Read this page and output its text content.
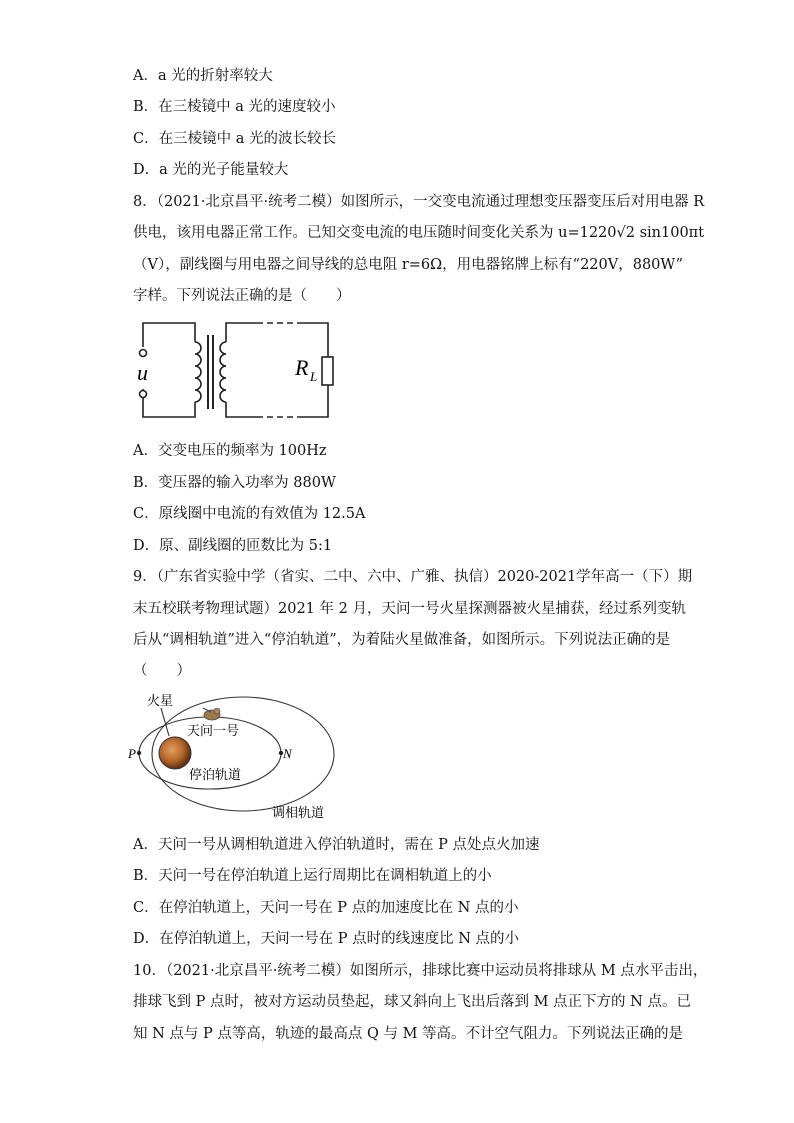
A．a 光的折射率较大
B．在三棱镜中 a 光的速度较小
C．在三棱镜中 a 光的波长较长
D．a 光的光子能量较大
8．（2021·北京昌平·统考二模）如图所示，一交变电流通过理想变压器变压后对用电器 R
供电，该用电器正常工作。已知交变电流的电压随时间变化关系为 u=1220√2 sin100πt
（V），副线圈与用电器之间导线的总电阻 r=6Ω，用电器铭牌上标有“220V，880W”
字样。下列说法正确的是（　　）
u	R L
A．交变电压的频率为 100Hz
B．变压器的输入功率为 880W
C．原线圈中电流的有效值为 12.5A
D．原、副线圈的匝数比为 5:1
9．（广东省实验中学（省实、二中、六中、广雅、执信）2020-2021学年高一（下）期
末五校联考物理试题）2021 年 2 月，天问一号火星探测器被火星捕获，经过系列变轨
后从“调相轨道”进入“停泊轨道”，为着陆火星做准备，如图所示。下列说法正确的是
（　　）
火星
天问一号
P	N
停泊轨道
调相轨道
A．天问一号从调相轨道进入停泊轨道时，需在 P 点处点火加速
B．天问一号在停泊轨道上运行周期比在调相轨道上的小
C．在停泊轨道上，天问一号在 P 点的加速度比在 N 点的小
D．在停泊轨道上，天问一号在 P 点时的线速度比 N 点的小
10．（2021·北京昌平·统考二模）如图所示，排球比赛中运动员将排球从 M 点水平击出，
排球飞到 P 点时，被对方运动员垫起，球又斜向上飞出后落到 M 点正下方的 N 点。已
知 N 点与 P 点等高，轨迹的最高点 Q 与 M 等高。不计空气阻力。下列说法正确的是
